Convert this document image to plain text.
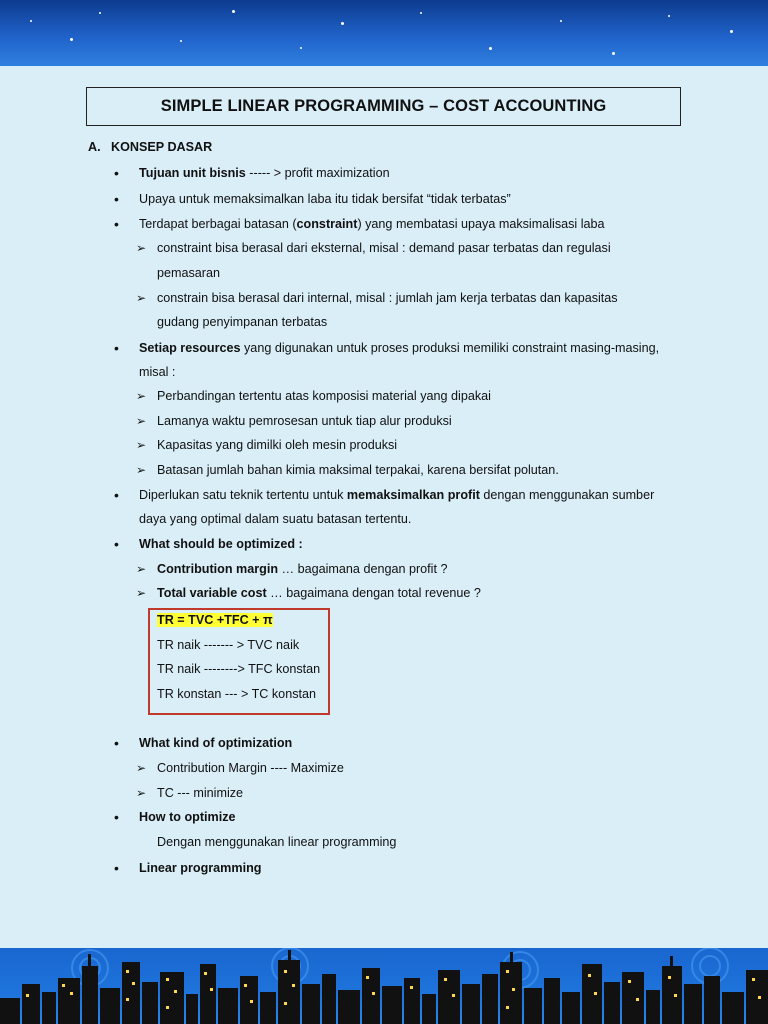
SIMPLE LINEAR PROGRAMMING – COST ACCOUNTING
A. KONSEP DASAR
• Tujuan unit bisnis ----- > profit maximization
• Upaya untuk memaksimalkan laba itu tidak bersifat “tidak terbatas”
• Terdapat berbagai batasan (constraint) yang membatasi upaya maksimalisasi laba
➢ constraint bisa berasal dari eksternal, misal : demand pasar terbatas dan regulasi
pemasaran
➢ constrain bisa berasal dari internal, misal : jumlah jam kerja terbatas dan kapasitas
gudang penyimpanan terbatas
• Setiap resources yang digunakan untuk proses produksi memiliki constraint masing-masing,
misal :
➢ Perbandingan tertentu atas komposisi material yang dipakai
➢ Lamanya waktu pemrosesan untuk tiap alur produksi
➢ Kapasitas yang dimilki oleh mesin produksi
➢ Batasan jumlah bahan kimia maksimal terpakai, karena bersifat polutan.
• Diperlukan satu teknik tertentu untuk memaksimalkan profit dengan menggunakan sumber
daya yang optimal dalam suatu batasan tertentu.
• What should be optimized :
➢ Contribution margin … bagaimana dengan profit ?
➢ Total variable cost … bagaimana dengan total revenue ?
TR = TVC +TFC + π
TR naik ------- > TVC naik
TR naik --------> TFC konstan
TR konstan --- > TC konstan
• What kind of optimization
➢ Contribution Margin ---- Maximize
➢ TC --- minimize
• How to optimize
Dengan menggunakan linear programming
• Linear programming
